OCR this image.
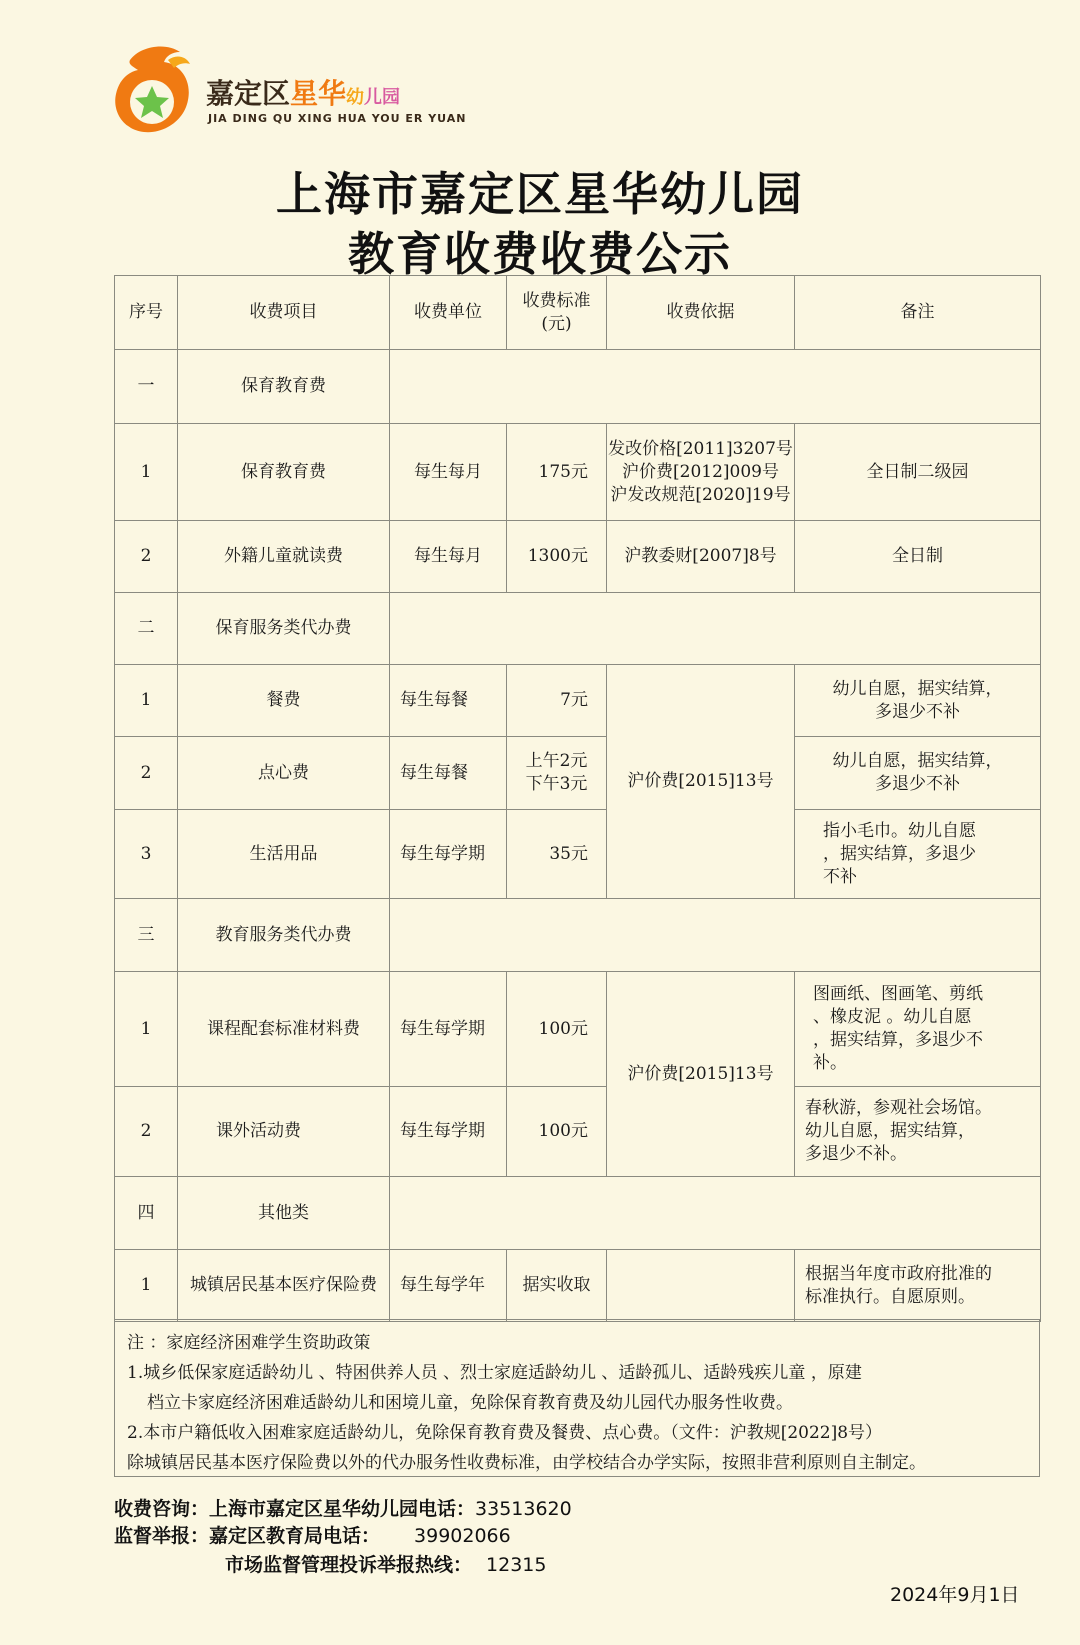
嘉定区星华幼儿园
JIA DING QU XING HUA YOU ER YUAN
上海市嘉定区星华幼儿园
教育收费收费公示
序号	收费项目	收费单位	收费标准
(元)	收费依据	备注
一	保育教育费				
1	保育教育费	每生每月	175元	发改价格[2011]3207号
沪价费[2012]009号
沪发改规范[2020]19号	全日制二级园
2	外籍儿童就读费	每生每月	1300元	沪教委财[2007]8号	全日制
二	保育服务类代办费				
1	餐费	每生每餐	7元	沪价费[2015]13号	幼儿自愿，据实结算，
多退少不补
2	点心费	每生每餐	上午2元
下午3元		幼儿自愿，据实结算，
多退少不补
3	生活用品	每生每学期	35元		指小毛巾。幼儿自愿
，据实结算，多退少
不补
三	教育服务类代办费				
1	课程配套标准材料费	每生每学期	100元	沪价费[2015]13号	图画纸、图画笔、剪纸
、橡皮泥 。幼儿自愿
，据实结算，多退少不
补。
2	课外活动费	每生每学期	100元		春秋游，参观社会场馆。
幼儿自愿，据实结算，
多退少不补。
四	其他类				
1	城镇居民基本医疗保险费	每生每学年	据实收取		根据当年度市政府批准的
标准执行。自愿原则。
注 ：家庭经济困难学生资助政策
1.城乡低保家庭适龄幼儿 、特困供养人员 、烈士家庭适龄幼儿 、适龄孤儿、适龄残疾儿童 ，原建
档立卡家庭经济困难适龄幼儿和困境儿童，免除保育教育费及幼儿园代办服务性收费。
2.本市户籍低收入困难家庭适龄幼儿，免除保育教育费及餐费、点心费。（文件：沪教规[2022]8号）
除城镇居民基本医疗保险费以外的代办服务性收费标准，由学校结合办学实际，按照非营利原则自主制定。
收费咨询：上海市嘉定区星华幼儿园电话：33513620
监督举报：嘉定区教育局电话： 39902066
市场监督管理投诉举报热线： 12315
2024年9月1日
